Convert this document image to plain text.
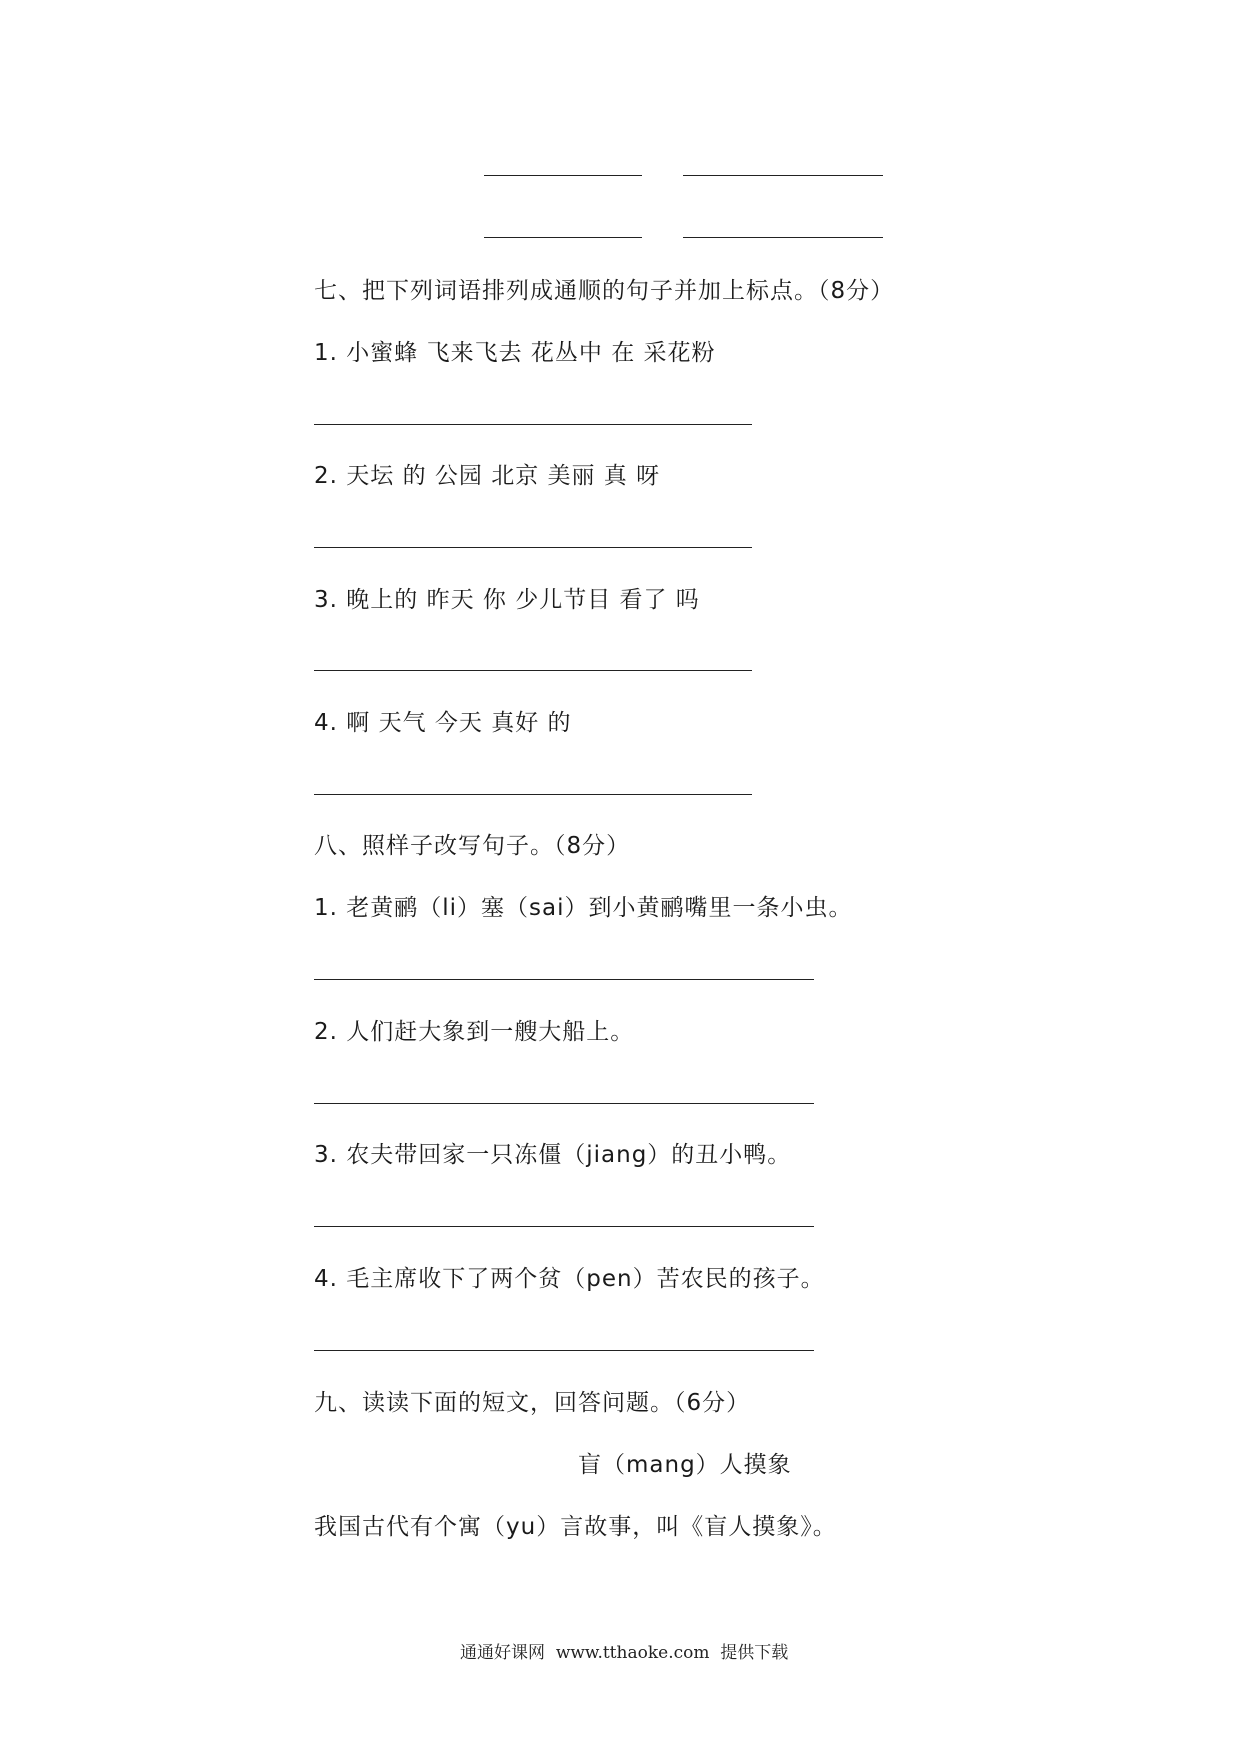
七、把下列词语排列成通顺的句子并加上标点。（8分）
1. 小蜜蜂 飞来飞去 花丛中 在 采花粉
2. 天坛 的 公园 北京 美丽 真 呀
3. 晚上的 昨天 你 少儿节目 看了 吗
4. 啊 天气 今天 真好 的
八、照样子改写句子。（8分）
1. 老黄鹂（li）塞（sai）到小黄鹂嘴里一条小虫。
2. 人们赶大象到一艘大船上。
3. 农夫带回家一只冻僵（jiang）的丑小鸭。
4. 毛主席收下了两个贫（pen）苦农民的孩子。
九、读读下面的短文，回答问题。（6分）
盲（mang）人摸象
我国古代有个寓（yu）言故事，叫《盲人摸象》。
通通好课网 www.tthaoke.com 提供下载
